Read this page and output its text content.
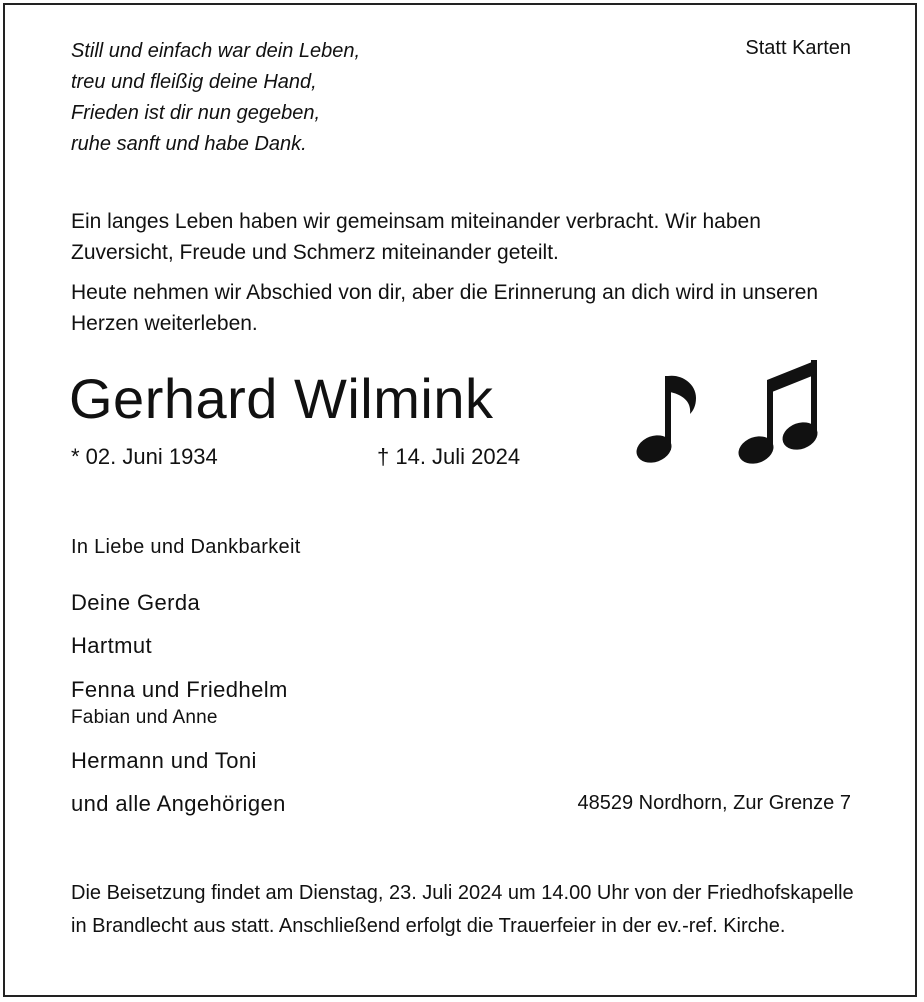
Still und einfach war dein Leben,
treu und fleißig deine Hand,
Frieden ist dir nun gegeben,
ruhe sanft und habe Dank.
Statt Karten
Ein langes Leben haben wir gemeinsam miteinander verbracht. Wir haben Zuversicht, Freude und Schmerz miteinander geteilt.
Heute nehmen wir Abschied von dir, aber die Erinnerung an dich wird in unseren Herzen weiterleben.
Gerhard Wilmink
* 02. Juni 1934	† 14. Juli 2024
In Liebe und Dankbarkeit
Deine Gerda
Hartmut
Fenna und Friedhelm
Fabian und Anne
Hermann und Toni
und alle Angehörigen	48529 Nordhorn, Zur Grenze 7
Die Beisetzung findet am Dienstag, 23. Juli 2024 um 14.00 Uhr von der Friedhofskapelle in Brandlecht aus statt. Anschließend erfolgt die Trauerfeier in der ev.-ref. Kirche.
